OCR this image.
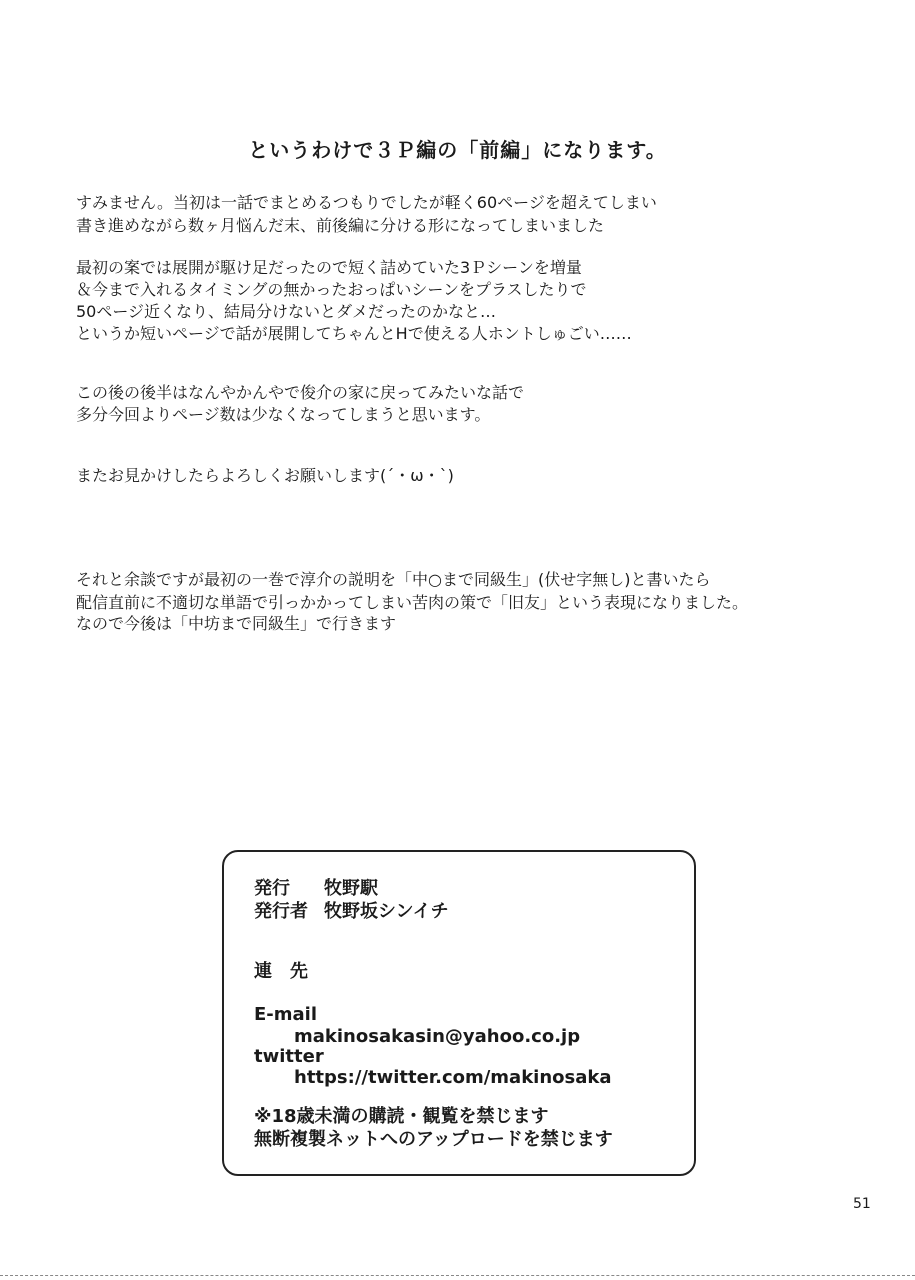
というわけで３Ｐ編の「前編」になります。
すみません。当初は一話でまとめるつもりでしたが軽く60ページを超えてしまい
書き進めながら数ヶ月悩んだ末、前後編に分ける形になってしまいました
最初の案では展開が駆け足だったので短く詰めていた3Ｐシーンを増量
＆今まで入れるタイミングの無かったおっぱいシーンをプラスしたりで
50ページ近くなり、結局分けないとダメだったのかなと…
というか短いページで話が展開してちゃんとHで使える人ホントしゅごい……
この後の後半はなんやかんやで俊介の家に戻ってみたいな話で
多分今回よりページ数は少なくなってしまうと思います。
またお見かけしたらよろしくお願いします(´・ω・`)
それと余談ですが最初の一巻で淳介の説明を「中○まで同級生」(伏せ字無し)と書いたら
配信直前に不適切な単語で引っかかってしまい苦肉の策で「旧友」という表現になりました。
なので今後は「中坊まで同級生」で行きます
発行 牧野駅
発行者 牧野坂シンイチ
連　先
E-mail
makinosakasin@yahoo.co.jp
twitter
https://twitter.com/makinosaka
※18歳未満の購読・観覧を禁じます
無断複製ネットへのアップロードを禁じます
51
